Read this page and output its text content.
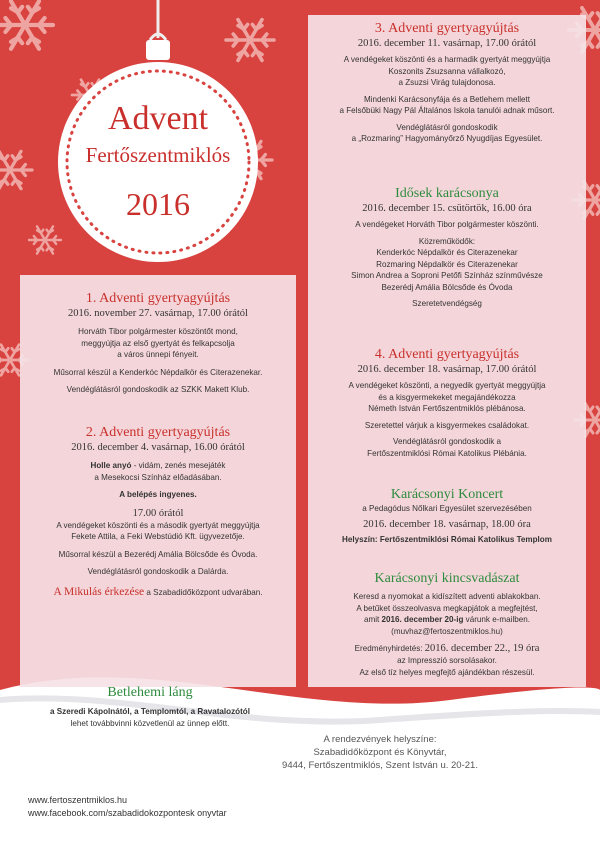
Advent
Fertőszentmiklós
2016
1. Adventi gyertyagyújtás
2016. november 27. vasárnap, 17.00 órától
Horváth Tibor polgármester köszöntőt mond,
meggyújtja az első gyertyát és felkapcsolja
a város ünnepi fényeit.
Műsorral készül a Kenderkóc Népdalkör és Citerazenekar.
Vendéglátásról gondoskodik az SZKK Makett Klub.
2. Adventi gyertyagyújtás
2016. december 4. vasárnap, 16.00 órától
Holle anyó - vidám, zenés mesejáték
a Mesekocsi Színház előadásában.
A belépés ingyenes.
17.00 órától
A vendégeket köszönti és a második gyertyát meggyújtja
Fekete Attila, a Feki Webstúdió Kft. ügyvezetője.
Műsorral készül a Bezerédj Amália Bölcsőde és Óvoda.
Vendéglátásról gondoskodik a Dalárda.
A Mikulás érkezése a Szabadidőközpont udvarában.
Betlehemi láng
a Szeredi Kápolnától, a Templomtól, a Ravatalozótól
lehet továbbvinni közvetlenül az ünnep előtt.
3. Adventi gyertyagyújtás
2016. december 11. vasárnap, 17.00 órától
A vendégeket köszönti és a harmadik gyertyát meggyújtja
Koszonits Zsuzsanna vállalkozó,
a Zsuzsi Virág tulajdonosa.
Mindenki Karácsonyfája és a Betlehem mellett
a Felsőbüki Nagy Pál Általános Iskola tanulói adnak műsort.
Vendéglátásról gondoskodik
a „Rozmaring” Hagyományőrző Nyugdíjas Egyesület.
Idősek karácsonya
2016. december 15. csütörtök, 16.00 óra
A vendégeket Horváth Tibor polgármester köszönti.
Közreműködők:
Kenderkóc Népdalkör és Citerazenekar
Rozmaring Népdalkör és Citerazenekar
Simon Andrea a Soproni Petőfi Színház színművésze
Bezerédj Amália Bölcsőde és Óvoda
Szeretetvendégség
4. Adventi gyertyagyújtás
2016. december 18. vasárnap, 17.00 órától
A vendégeket köszönti, a negyedik gyertyát meggyújtja
és a kisgyermekeket megajándékozza
Németh István Fertőszentmiklós plébánosa.
Szeretettel várjuk a kisgyermekes családokat.
Vendéglátásról gondoskodik a
Fertőszentmiklósi Római Katolikus Plébánia.
Karácsonyi Koncert
a Pedagódus Nőlkari Egyesület szervezésében
2016. december 18. vasárnap, 18.00 óra
Helyszín: Fertőszentmiklósi Római Katolikus Templom
Karácsonyi kincsvadászat
Keresd a nyomokat a kidíszített adventi ablakokban.
A betűket összeolvasva megkapjátok a megfejtést,
amit 2016. december 20-ig várunk e-mailben.
(muvhaz@fertoszentmiklos.hu)
Eredményhirdetés: 2016. december 22., 19 óra
az Impresszió sorsolásakor.
Az első tíz helyes megfejtő ajándékban részesül.
A rendezvények helyszíne:
Szabadidőközpont és Könyvtár,
9444, Fertőszentmiklós, Szent István u. 20-21.
www.fertoszentmiklos.hu
www.facebook.com/szabadidokozpontesk onyvtar
